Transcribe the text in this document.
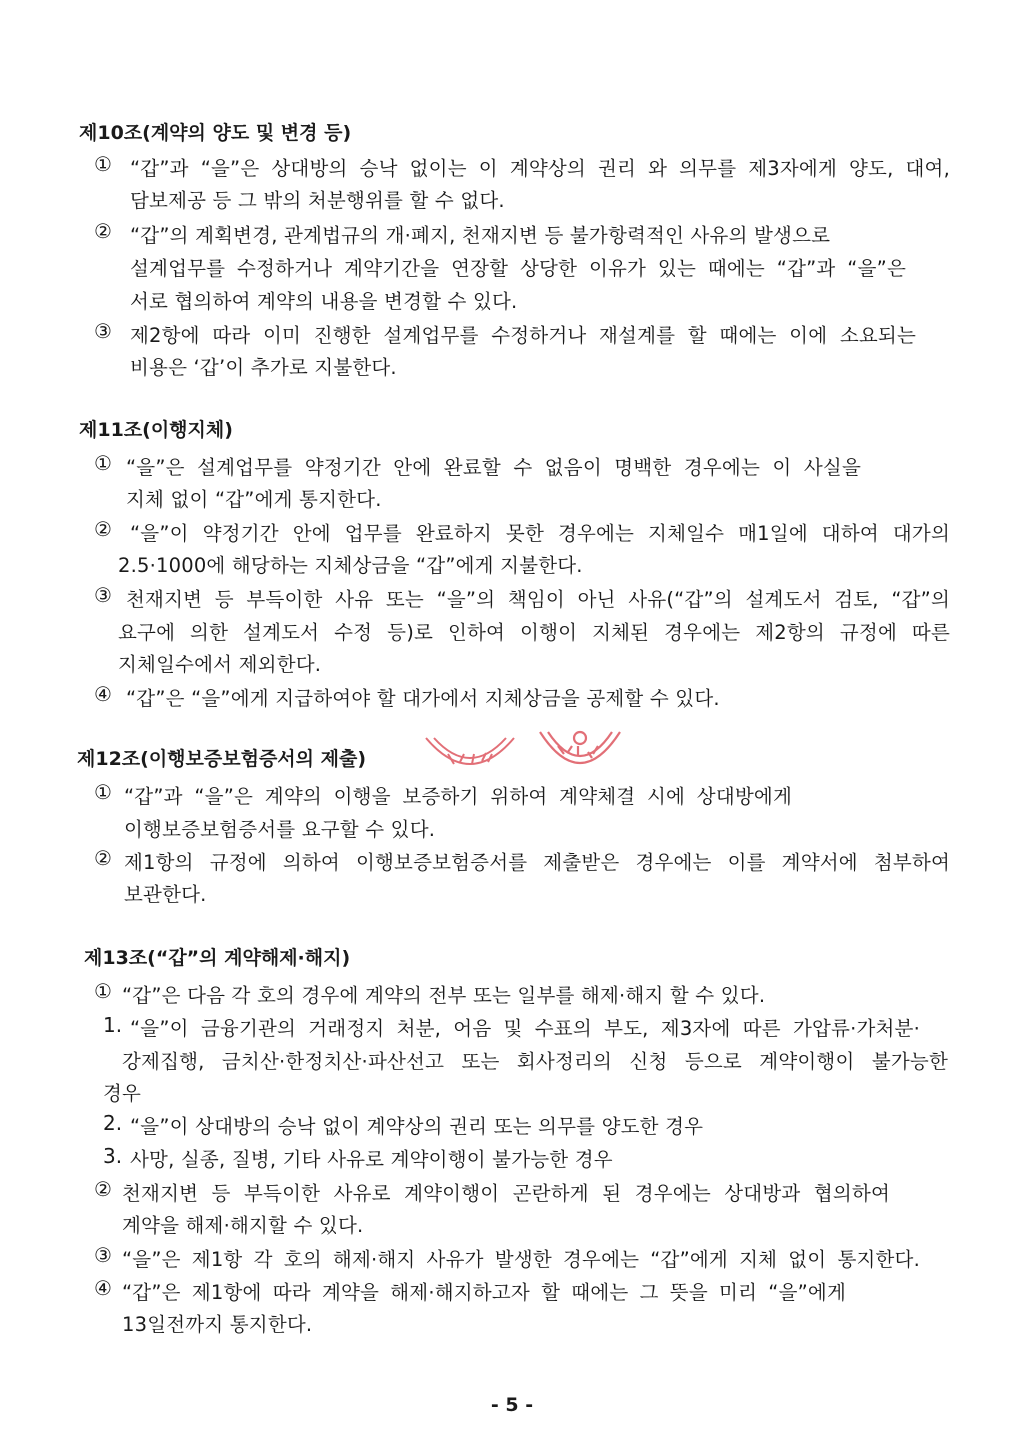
제10조(계약의 양도 및 변경 등)
① “갑”과 “을”은 상대방의 승낙 없이는 이 계약상의 권리 와 의무를 제3자에게 양도, 대여,
담보제공 등 그 밖의 처분행위를 할 수 없다.
② “갑”의 계획변경, 관계법규의 개·폐지, 천재지변 등 불가항력적인 사유의 발생으로
설계업무를 수정하거나 계약기간을 연장할 상당한 이유가 있는 때에는 “갑”과 “을”은
서로 협의하여 계약의 내용을 변경할 수 있다.
③ 제2항에 따라 이미 진행한 설계업무를 수정하거나 재설계를 할 때에는 이에 소요되는
비용은 ‘갑’이 추가로 지불한다.
제11조(이행지체)
① “을”은 설계업무를 약정기간 안에 완료할 수 없음이 명백한 경우에는 이 사실을
지체 없이 “갑”에게 통지한다.
② “을”이 약정기간 안에 업무를 완료하지 못한 경우에는 지체일수 매1일에 대하여 대가의
2.5·1000에 해당하는 지체상금을 “갑”에게 지불한다.
③ 천재지변 등 부득이한 사유 또는 “을”의 책임이 아닌 사유(“갑”의 설계도서 검토, “갑”의
요구에 의한 설계도서 수정 등)로 인하여 이행이 지체된 경우에는 제2항의 규정에 따른
지체일수에서 제외한다.
④ “갑”은 “을”에게 지급하여야 할 대가에서 지체상금을 공제할 수 있다.
제12조(이행보증보험증서의 제출)
① “갑”과 “을”은 계약의 이행을 보증하기 위하여 계약체결 시에 상대방에게
이행보증보험증서를 요구할 수 있다.
② 제1항의 규정에 의하여 이행보증보험증서를 제출받은 경우에는 이를 계약서에 첨부하여
보관한다.
제13조(“갑”의 계약해제·해지)
① “갑”은 다음 각 호의 경우에 계약의 전부 또는 일부를 해제·해지 할 수 있다.
1. “을”이 금융기관의 거래정지 처분, 어음 및 수표의 부도, 제3자에 따른 가압류·가처분·
강제집행, 금치산·한정치산·파산선고 또는 회사정리의 신청 등으로 계약이행이 불가능한
경우
2. “을”이 상대방의 승낙 없이 계약상의 권리 또는 의무를 양도한 경우
3. 사망, 실종, 질병, 기타 사유로 계약이행이 불가능한 경우
② 천재지변 등 부득이한 사유로 계약이행이 곤란하게 된 경우에는 상대방과 협의하여
계약을 해제·해지할 수 있다.
③ “을”은 제1항 각 호의 해제·해지 사유가 발생한 경우에는 “갑”에게 지체 없이 통지한다.
④ “갑”은 제1항에 따라 계약을 해제·해지하고자 할 때에는 그 뜻을 미리 “을”에게
13일전까지 통지한다.
- 5 -
